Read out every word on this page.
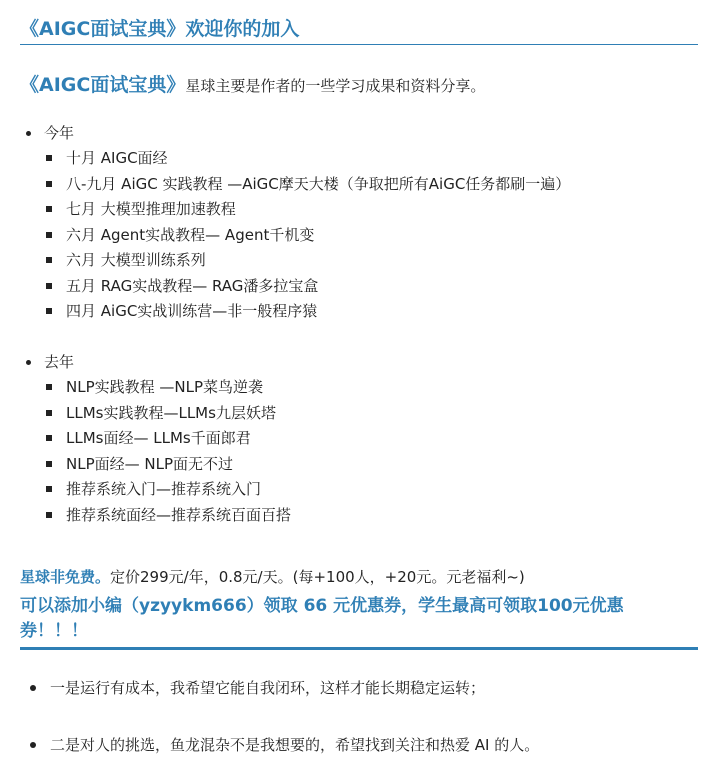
《AIGC面试宝典》欢迎你的加入
《AIGC面试宝典》星球主要是作者的一些学习成果和资料分享。
今年
十月 AIGC面经
八-九月 AiGC 实践教程 —AiGC摩天大楼（争取把所有AiGC任务都刷一遍）
七月 大模型推理加速教程
六月 Agent实战教程— Agent千机变
六月 大模型训练系列
五月 RAG实战教程— RAG潘多拉宝盒
四月 AiGC实战训练营—非一般程序猿
去年
NLP实践教程 —NLP菜鸟逆袭
LLMs实践教程—LLMs九层妖塔
LLMs面经— LLMs千面郎君
NLP面经— NLP面无不过
推荐系统入门—推荐系统入门
推荐系统面经—推荐系统百面百搭
星球非免费。定价299元/年，0.8元/天。(每+100人，+20元。元老福利~)
可以添加小编（yzyykm666）领取 66 元优惠券，学生最高可领取100元优惠券！！！
一是运行有成本，我希望它能自我闭环，这样才能长期稳定运转；
二是对人的挑选，鱼龙混杂不是我想要的，希望找到关注和热爱 AI 的人。
